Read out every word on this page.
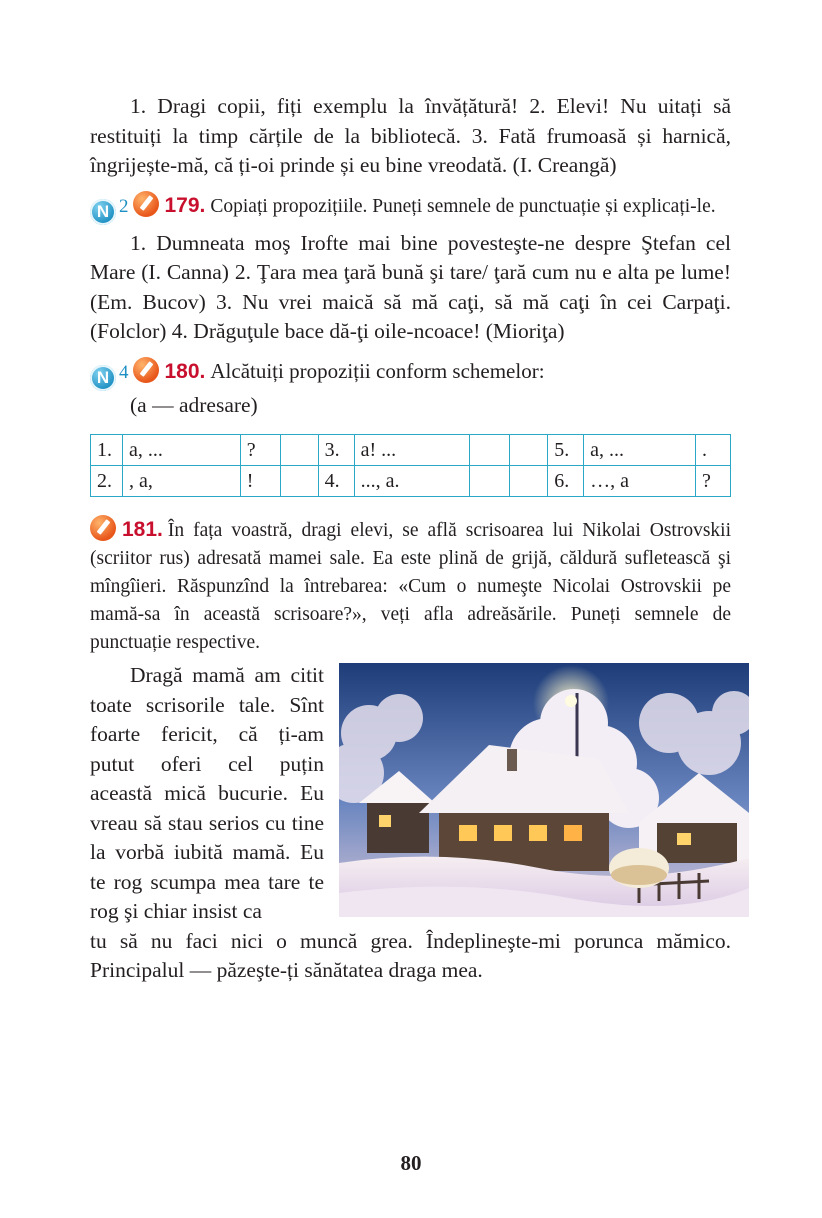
1. Dragi copii, fiți exemplu la învățătură! 2. Elevi! Nu uitați să restituiți la timp cărțile de la bibliotecă. 3. Fată frumoasă și harnică, îngrijește-mă, că ți-oi prinde și eu bine vreodată. (I. Creangă)

N 2 179. Copiați propozițiile. Puneți semnele de punctuație și explicați-le.

1. Dumneata moş Irofte mai bine povesteşte-ne despre Ştefan cel Mare (I. Canna) 2. Ţara mea ţară bună şi tare/ ţară cum nu e alta pe lume! (Em. Bucov) 3. Nu vrei maică să mă caţi, să mă caţi în cei Carpaţi. (Folclor) 4. Drăguţule bace dă-ţi oile-ncoace! (Mioriţa)

N 4 180. Alcătuiți propoziții conform schemelor:

(a — adresare)

1.	a, ...	?		3.	a! ...			5.	a, ...	.
2.	, a,	!		4.	..., a.			6.	…, a	?
181. În fața voastră, dragi elevi, se află scrisoarea lui Nikolai Ostrovskii (scriitor rus) adresată mamei sale. Ea este plină de grijă, căldură sufletească şi mîngîieri. Răspunzînd la întrebarea: «Cum o numeşte Nicolai Ostrovskii pe mamă-sa în această scrisoare?», veți afla adreăsările. Puneți semnele de punctuație respective.

Dragă mamă am citit toate scrisorile tale. Sînt foarte fericit, că ți-am putut oferi cel puțin această mică bucurie. Eu vreau să stau serios cu tine la vorbă iubită mamă. Eu te rog scumpa mea tare te rog şi chiar insist ca

tu să nu faci nici o muncă grea. Îndeplineşte-mi porunca mămico. Principalul — păzeşte-ți sănătatea draga mea.

80
